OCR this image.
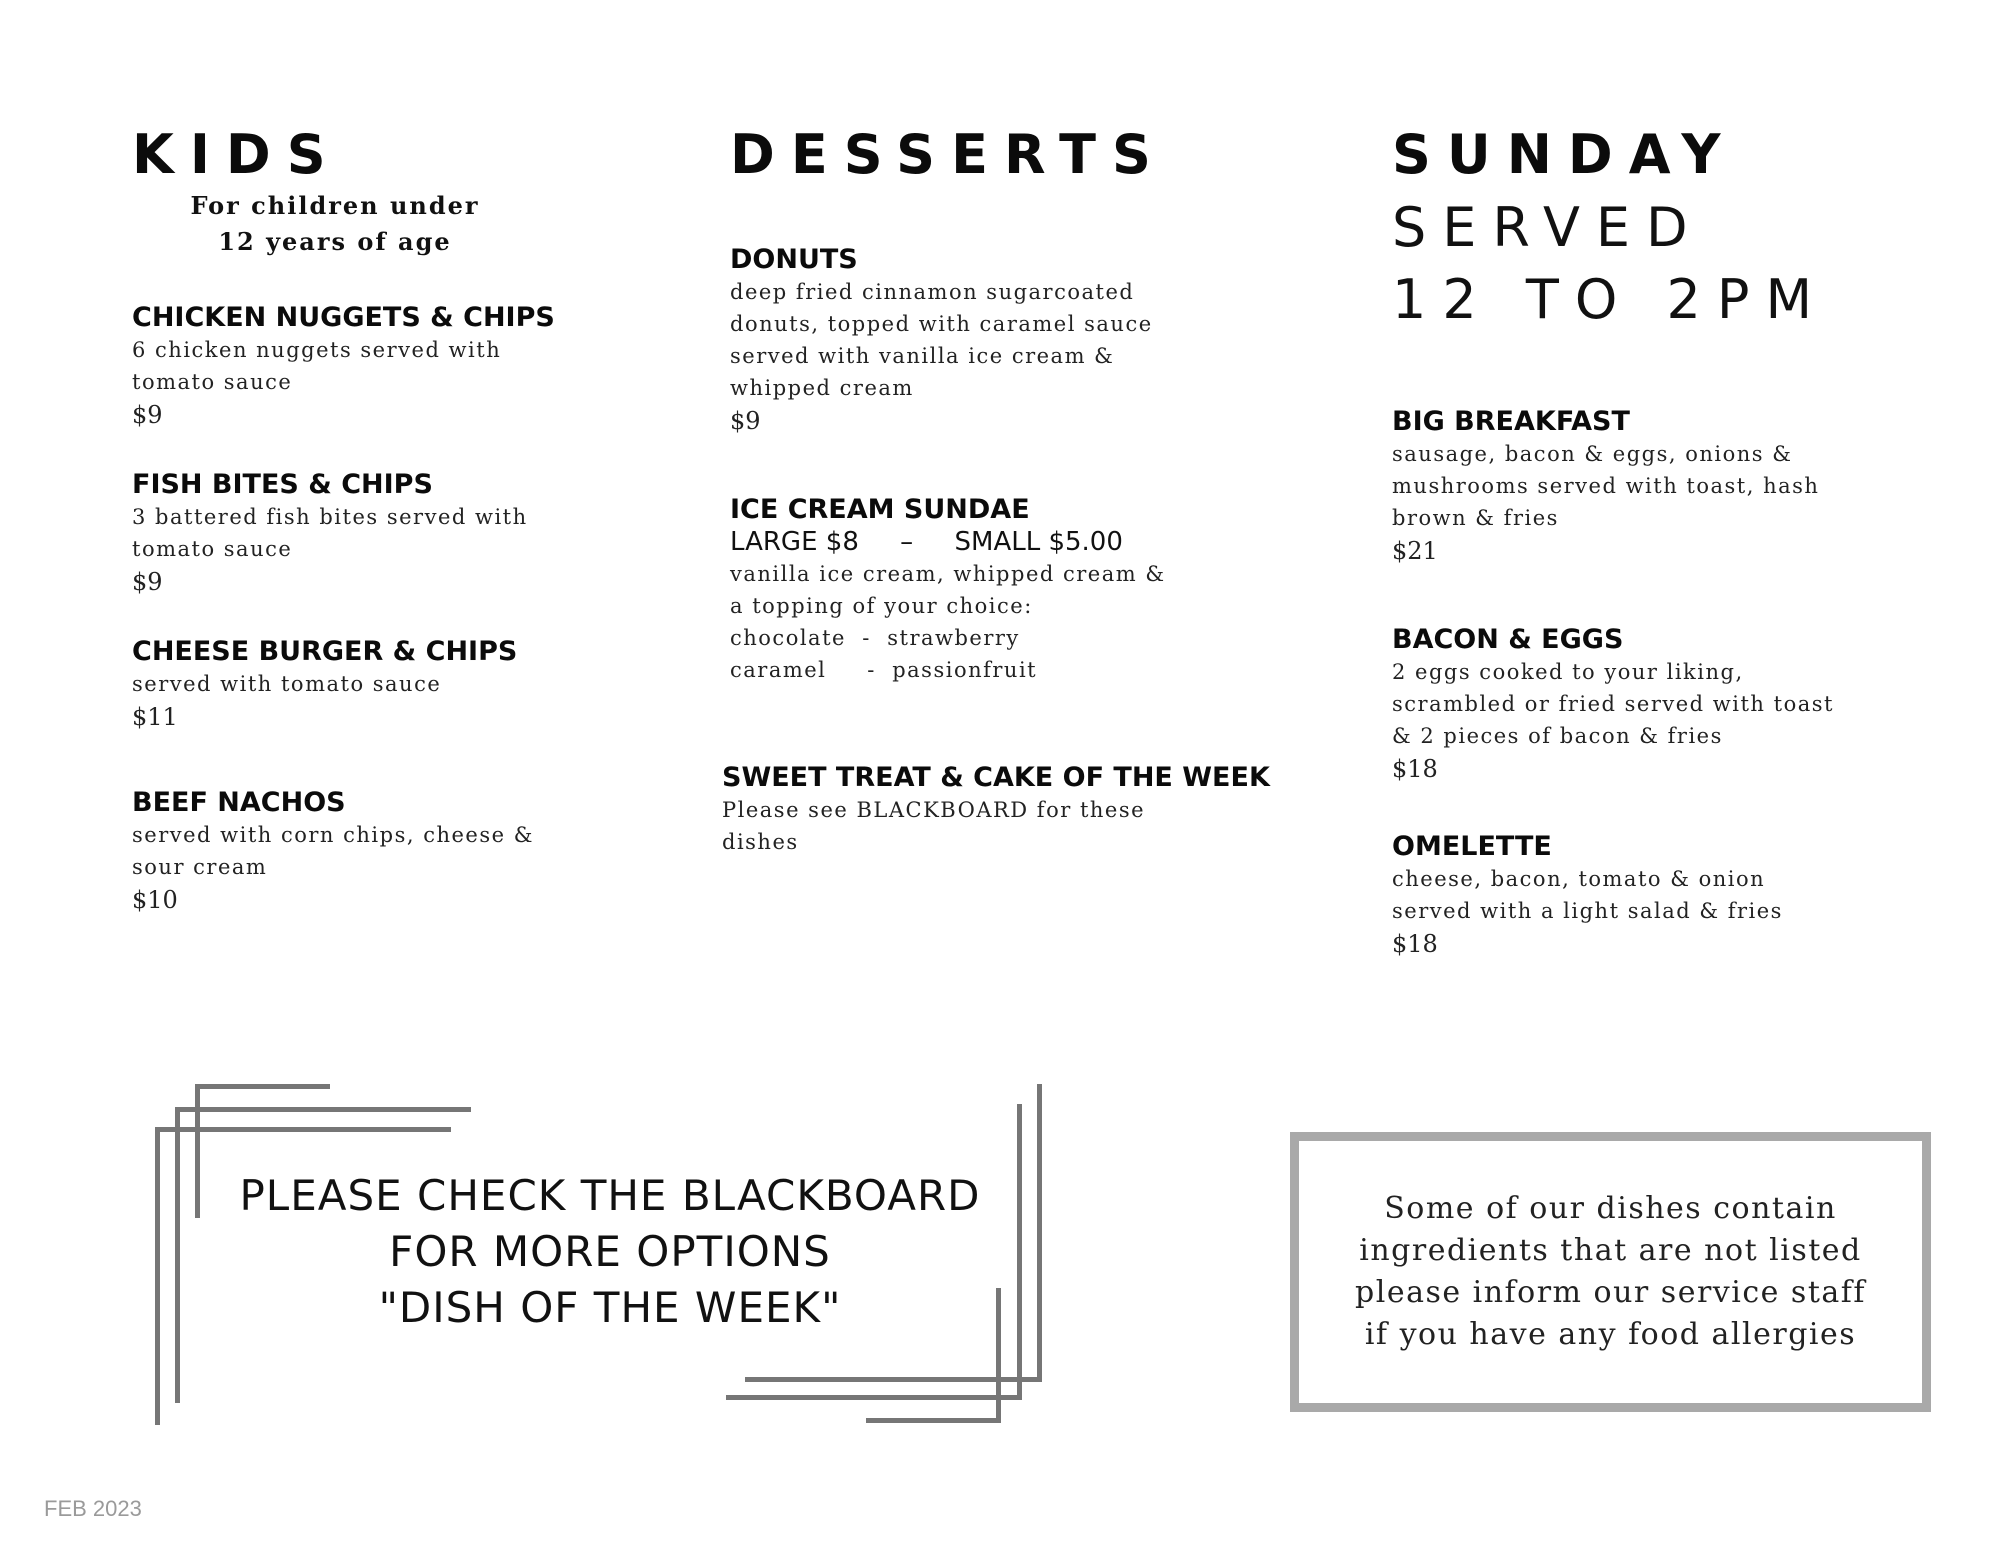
KIDS
For children under
12 years of age
CHICKEN NUGGETS & CHIPS
6 chicken nuggets served with
tomato sauce
$9
FISH BITES & CHIPS
3 battered fish bites served with
tomato sauce
$9
CHEESE BURGER & CHIPS
served with tomato sauce
$11
BEEF NACHOS
served with corn chips, cheese &
sour cream
$10
DESSERTS
DONUTS
deep fried cinnamon sugarcoated
donuts, topped with caramel sauce
served with vanilla ice cream &
whipped cream
$9
ICE CREAM SUNDAE
LARGE $8     –     SMALL $5.00
vanilla ice cream, whipped cream &
a topping of your choice:
chocolate  -  strawberry
caramel     -  passionfruit
SWEET TREAT & CAKE OF THE WEEK
Please see BLACKBOARD for these
dishes
SUNDAY
SERVED
12 TO 2PM
BIG BREAKFAST
sausage, bacon & eggs, onions &
mushrooms served with toast, hash
brown & fries
$21
BACON & EGGS
2 eggs cooked to your liking,
scrambled or fried served with toast
& 2 pieces of bacon & fries
$18
OMELETTE
cheese, bacon, tomato & onion
served with a light salad & fries
$18
PLEASE CHECK THE BLACKBOARD
FOR MORE OPTIONS
"DISH OF THE WEEK"
Some of our dishes contain ingredients that are not listed please inform our service staff if you have any food allergies
FEB 2023
